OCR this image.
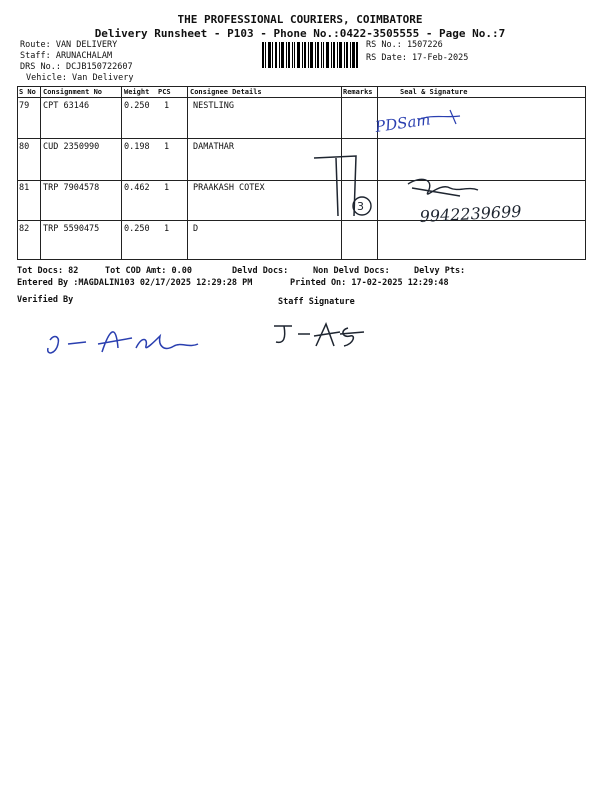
THE PROFESSIONAL COURIERS, COIMBATORE
Delivery Runsheet - P103 - Phone No.:0422-3505555 - Page No.:7
Route: VAN DELIVERY
Staff: ARUNACHALAM
DRS No.: DCJB150722607
Vehicle: Van Delivery
RS No.: 1507226
RS Date: 17-Feb-2025
S No Consignment No	Weight PCS	Consignee Details	Remarks	Seal & Signature
79 CPT 63146	0.250 1	NESTLING
80 CUD 2350990	0.198 1	DAMATHAR
81 TRP 7904578	0.462 1	PRAAKASH COTEX
82 TRP 5590475	0.250 1	D
PDSam
3	9942239699
Tot Docs: 82	Tot COD Amt: 0.00	Delvd Docs:	Non Delvd Docs:	Delvy Pts:
Entered By :MAGDALIN103 02/17/2025 12:29:28 PM	Printed On: 17-02-2025 12:29:48
Verified By	Staff Signature
